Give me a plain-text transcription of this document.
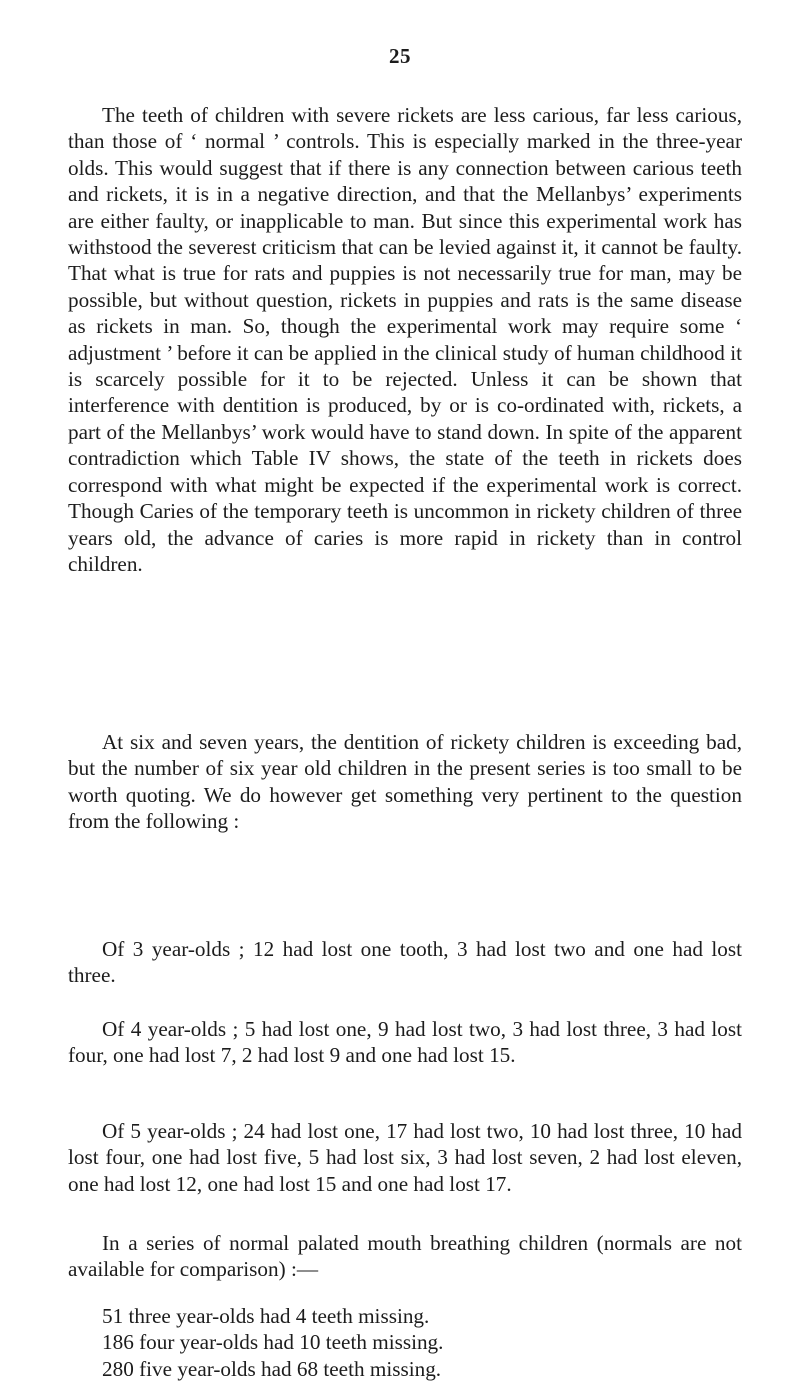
25

The teeth of children with severe rickets are less carious, far less carious, than those of ‘ normal ’ controls. This is especially marked in the three-year olds. This would suggest that if there is any connection between carious teeth and rickets, it is in a negative direction, and that the Mellanbys’ experiments are either faulty, or inapplicable to man. But since this experimental work has withstood the severest criticism that can be levied against it, it cannot be faulty. That what is true for rats and puppies is not necessarily true for man, may be possible, but without question, rickets in puppies and rats is the same disease as rickets in man. So, though the experimental work may require some ‘ adjustment ’ before it can be applied in the clinical study of human childhood it is scarcely possible for it to be rejected. Unless it can be shown that interference with dentition is produced, by or is co-ordinated with, rickets, a part of the Mellanbys’ work would have to stand down. In spite of the apparent contradiction which Table IV shows, the state of the teeth in rickets does correspond with what might be expected if the experimental work is correct. Though Caries of the temporary teeth is uncommon in rickety children of three years old, the advance of caries is more rapid in rickety than in control children.

At six and seven years, the dentition of rickety children is exceeding bad, but the number of six year old children in the present series is too small to be worth quoting. We do however get something very pertinent to the question from the following :

Of 3 year-olds ; 12 had lost one tooth, 3 had lost two and one had lost three.

Of 4 year-olds ; 5 had lost one, 9 had lost two, 3 had lost three, 3 had lost four, one had lost 7, 2 had lost 9 and one had lost 15.

Of 5 year-olds ; 24 had lost one, 17 had lost two, 10 had lost three, 10 had lost four, one had lost five, 5 had lost six, 3 had lost seven, 2 had lost eleven, one had lost 12, one had lost 15 and one had lost 17.

In a series of normal palated mouth breathing children (normals are not available for comparison) :—

51 three year-olds had 4 teeth missing.
186 four year-olds had 10 teeth missing.
280 five year-olds had 68 teeth missing.
